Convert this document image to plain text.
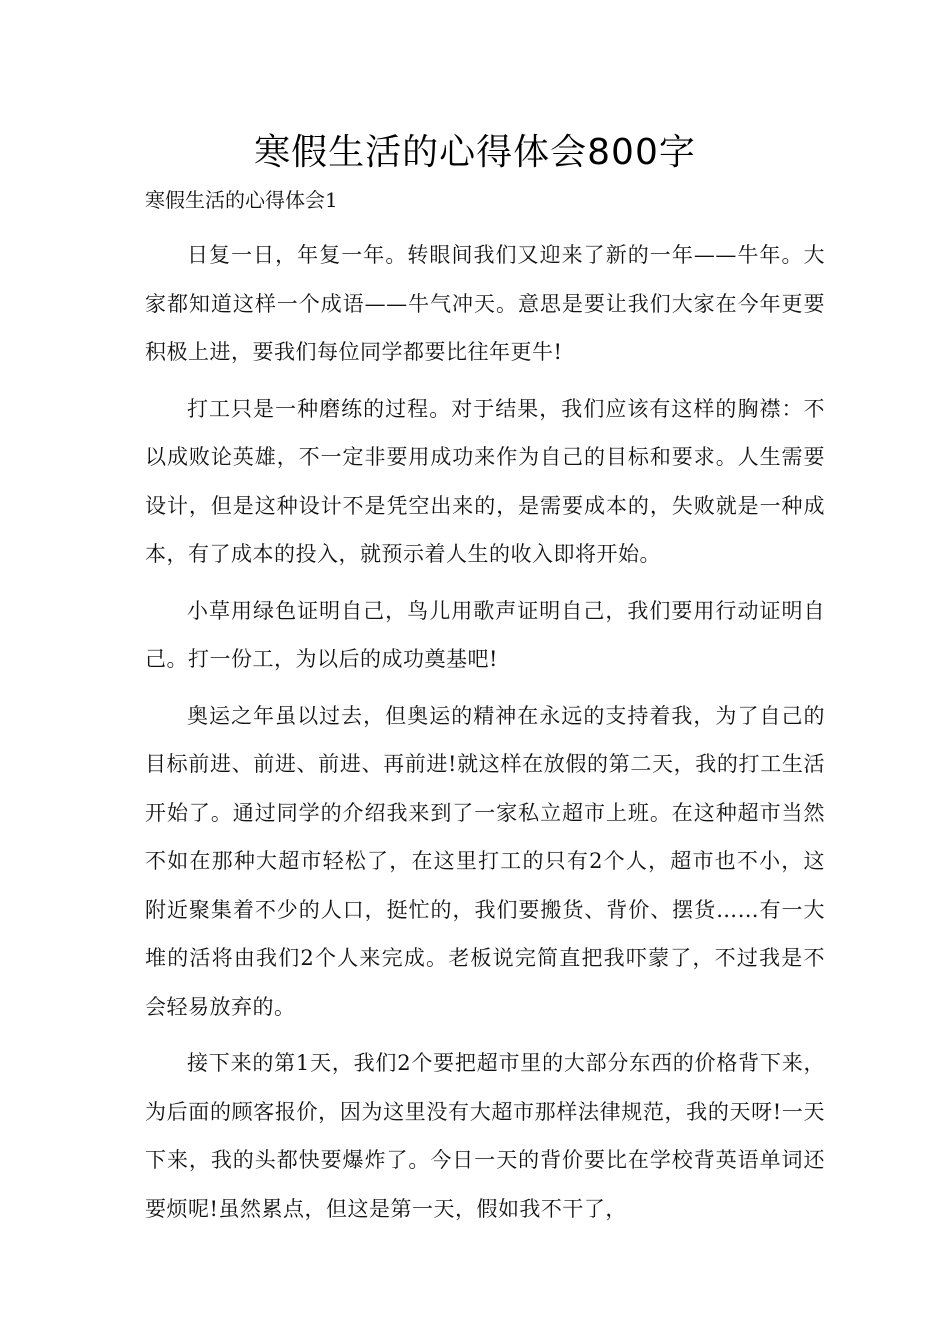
寒假生活的心得体会800字
寒假生活的心得体会1

日复一日，年复一年。转眼间我们又迎来了新的一年——牛年。大家都知道这样一个成语——牛气冲天。意思是要让我们大家在今年更要积极上进，要我们每位同学都要比往年更牛!

打工只是一种磨练的过程。对于结果，我们应该有这样的胸襟：不以成败论英雄，不一定非要用成功来作为自己的目标和要求。人生需要设计，但是这种设计不是凭空出来的，是需要成本的，失败就是一种成本，有了成本的投入，就预示着人生的收入即将开始。

小草用绿色证明自己，鸟儿用歌声证明自己，我们要用行动证明自己。打一份工，为以后的成功奠基吧!

奥运之年虽以过去，但奥运的精神在永远的支持着我，为了自己的目标前进、前进、前进、再前进!就这样在放假的第二天，我的打工生活开始了。通过同学的介绍我来到了一家私立超市上班。在这种超市当然不如在那种大超市轻松了，在这里打工的只有2个人，超市也不小，这附近聚集着不少的人口，挺忙的，我们要搬货、背价、摆货……有一大堆的活将由我们2个人来完成。老板说完简直把我吓蒙了，不过我是不会轻易放弃的。

接下来的第1天，我们2个要把超市里的大部分东西的价格背下来，为后面的顾客报价，因为这里没有大超市那样法律规范，我的天呀!一天下来，我的头都快要爆炸了。今日一天的背价要比在学校背英语单词还要烦呢!虽然累点，但这是第一天，假如我不干了，
